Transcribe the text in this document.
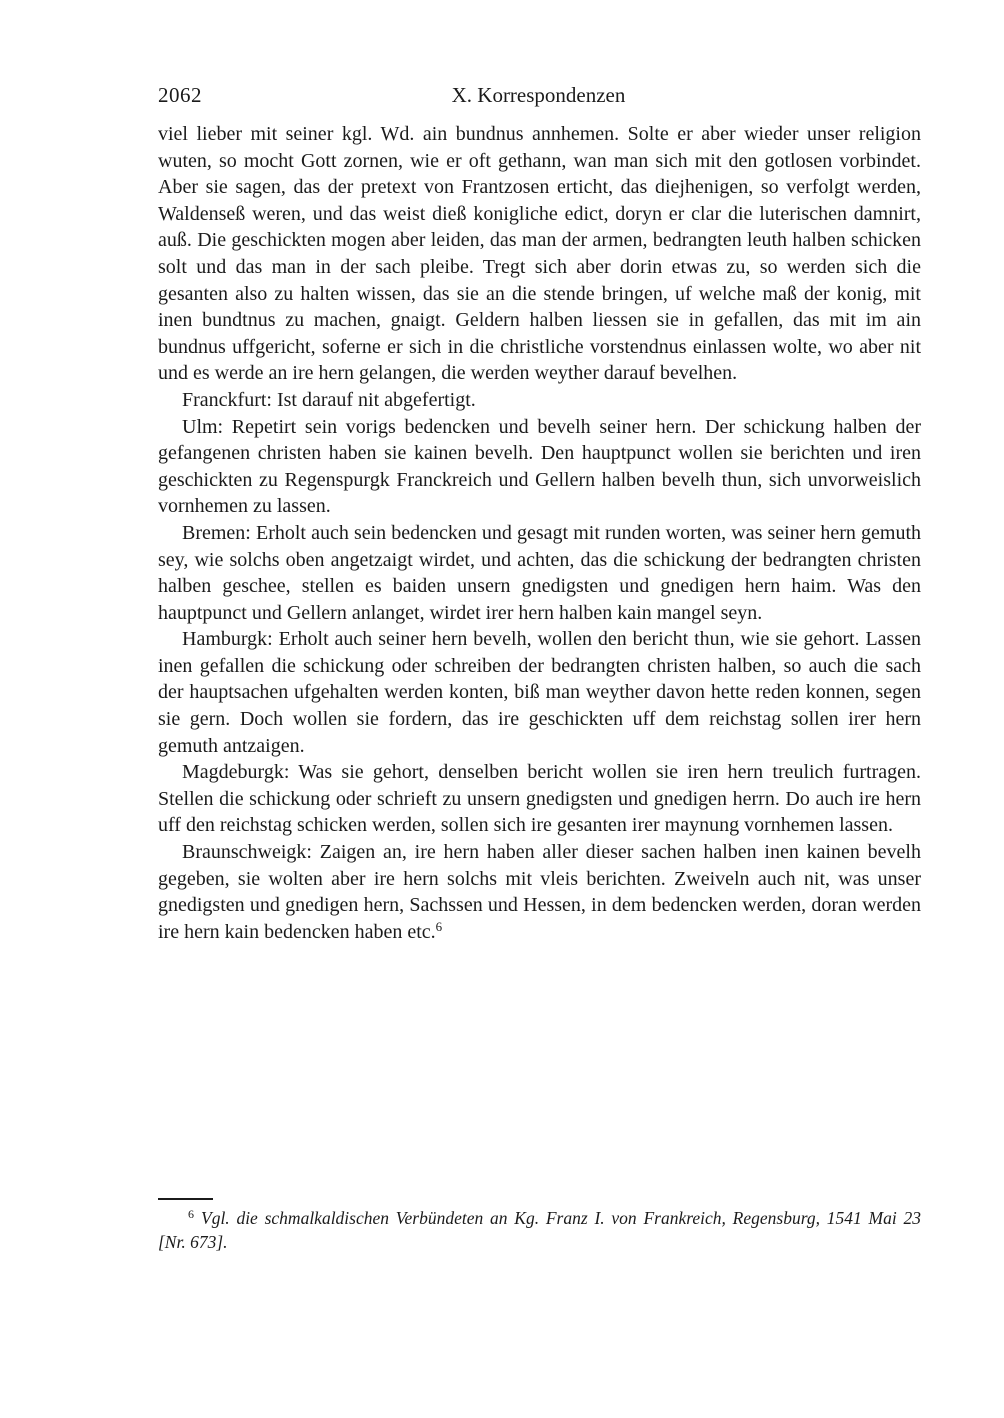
2062	X. Korrespondenzen

viel lieber mit seiner kgl. Wd. ain bundnus annhemen. Solte er aber wieder unser religion wuten, so mocht Gott zornen, wie er oft gethann, wan man sich mit den gotlosen vorbindet. Aber sie sagen, das der pretext von Frantzosen erticht, das diejhenigen, so verfolgt werden, Waldenseß weren, und das weist dieß konigliche edict, doryn er clar die luterischen damnirt, auß. Die geschickten mogen aber leiden, das man der armen, bedrangten leuth halben schicken solt und das man in der sach pleibe. Tregt sich aber dorin etwas zu, so werden sich die gesanten also zu halten wissen, das sie an die stende bringen, uf welche maß der konig, mit inen bundtnus zu machen, gnaigt. Geldern halben liessen sie in gefallen, das mit im ain bundnus uffgericht, soferne er sich in die christliche vorstendnus einlassen wolte, wo aber nit und es werde an ire hern gelangen, die werden weyther darauf bevelhen.

Franckfurt: Ist darauf nit abgefertigt.

Ulm: Repetirt sein vorigs bedencken und bevelh seiner hern. Der schickung halben der gefangenen christen haben sie kainen bevelh. Den hauptpunct wollen sie berichten und iren geschickten zu Regenspurgk Franckreich und Gellern halben bevelh thun, sich unvorweislich vornhemen zu lassen.

Bremen: Erholt auch sein bedencken und gesagt mit runden worten, was seiner hern gemuth sey, wie solchs oben angetzaigt wirdet, und achten, das die schickung der bedrangten christen halben geschee, stellen es baiden unsern gnedigsten und gnedigen hern haim. Was den hauptpunct und Gellern anlanget, wirdet irer hern halben kain mangel seyn.

Hamburgk: Erholt auch seiner hern bevelh, wollen den bericht thun, wie sie gehort. Lassen inen gefallen die schickung oder schreiben der bedrangten christen halben, so auch die sach der hauptsachen ufgehalten werden konten, biß man weyther davon hette reden konnen, segen sie gern. Doch wollen sie fordern, das ire geschickten uff dem reichstag sollen irer hern gemuth antzaigen.

Magdeburgk: Was sie gehort, denselben bericht wollen sie iren hern treulich furtragen. Stellen die schickung oder schrieft zu unsern gnedigsten und gnedigen herrn. Do auch ire hern uff den reichstag schicken werden, sollen sich ire gesanten irer maynung vornhemen lassen.

Braunschweigk: Zaigen an, ire hern haben aller dieser sachen halben inen kainen bevelh gegeben, sie wolten aber ire hern solchs mit vleis berichten. Zweiveln auch nit, was unser gnedigsten und gnedigen hern, Sachssen und Hessen, in dem bedencken werden, doran werden ire hern kain bedencken haben etc.$^6$

$^6$ Vgl. die schmalkaldischen Verbündeten an Kg. Franz I. von Frankreich, Regensburg, 1541 Mai 23 [Nr. 673].
